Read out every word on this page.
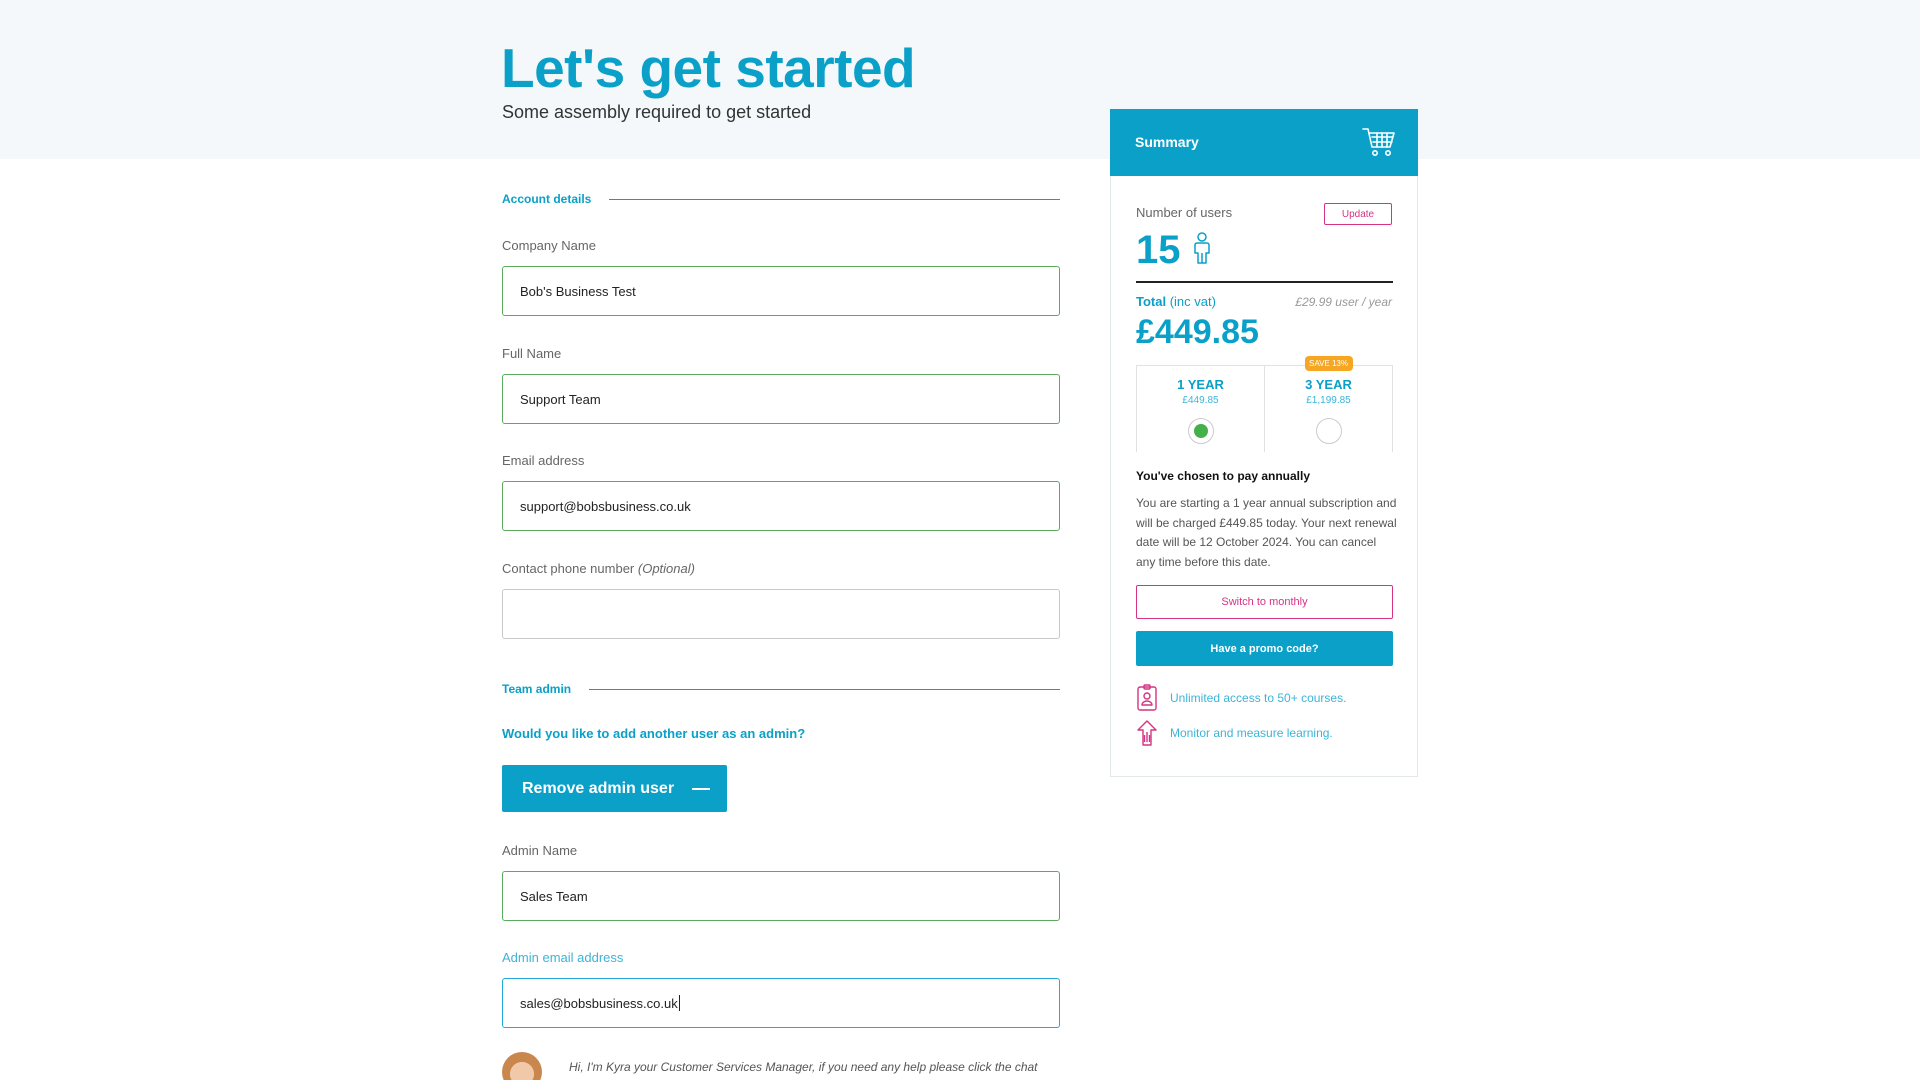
Let's get started

Some assembly required to get started

Account details
Company Name
Bob's Business Test
Full Name
Support Team
Email address
support@bobsbusiness.co.uk
Contact phone number (Optional)
Team admin
Would you like to add another user as an admin?
Remove admin user
Admin Name
Sales Team
Admin email address
sales@bobsbusiness.co.uk

Hi, I'm Kyra your Customer Services Manager, if you need any help please click the chat

Summary
Number of users	Update
15
Total (inc vat)	£29.99 user / year
£449.85
1 YEAR
£449.85
SAVE 13%
3 YEAR
£1,199.85
You've chosen to pay annually
You are starting a 1 year annual subscription and will be charged £449.85 today. Your next renewal date will be 12 October 2024. You can cancel any time before this date.
Switch to monthly
Have a promo code?
Unlimited access to 50+ courses.
Monitor and measure learning.
